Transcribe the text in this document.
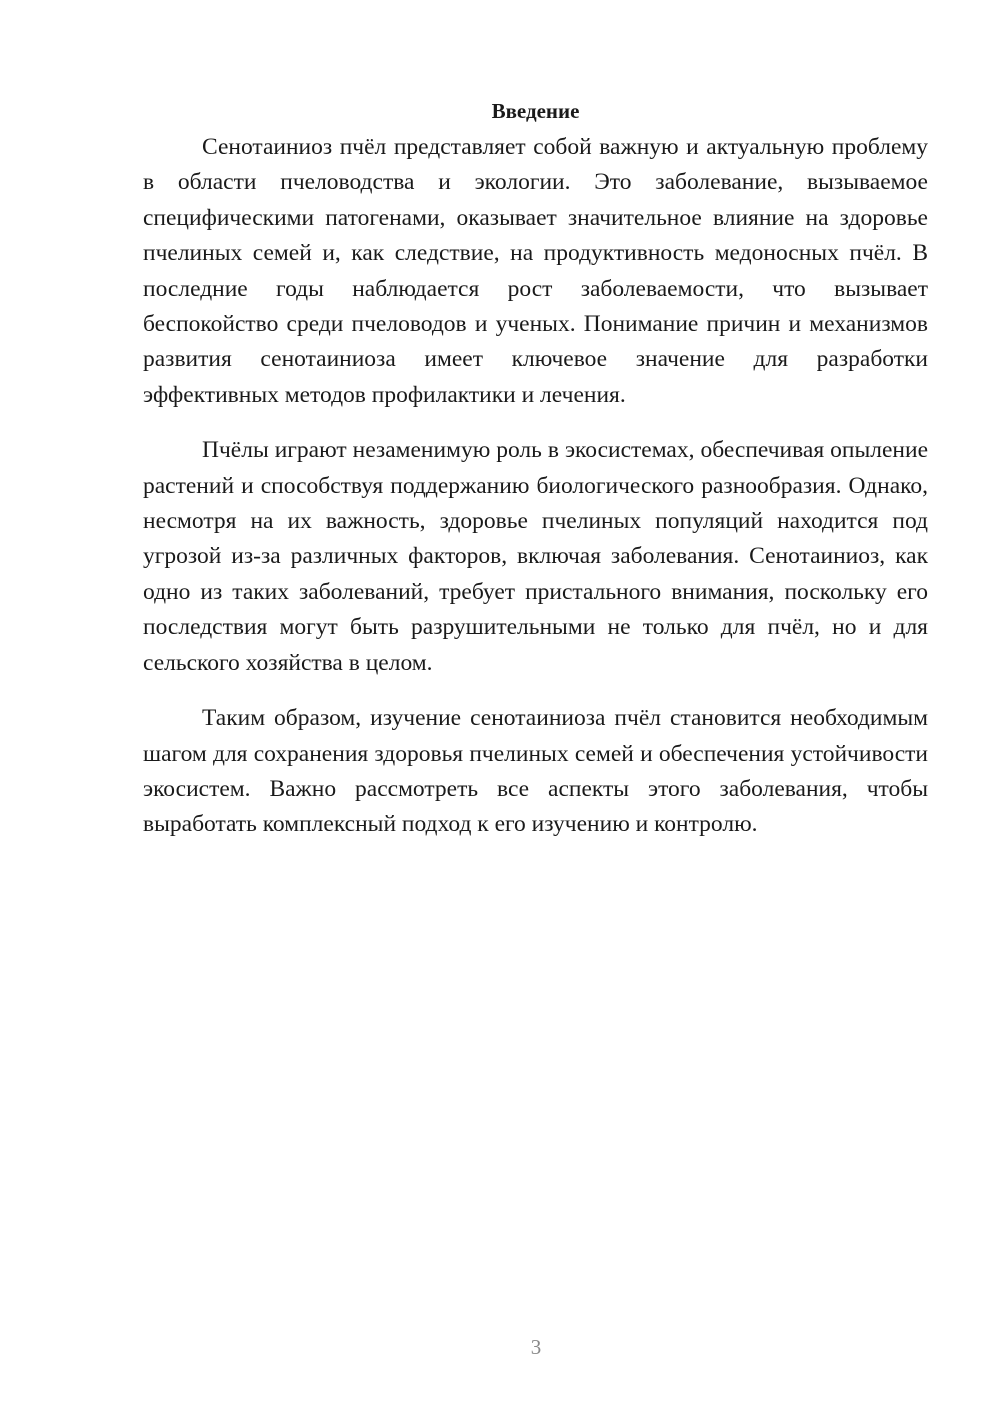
Введение

Сенотаиниоз пчёл представляет собой важную и актуальную проблему в области пчеловодства и экологии. Это заболевание, вызываемое специфическими патогенами, оказывает значительное влияние на здоровье пчелиных семей и, как следствие, на продуктивность медоносных пчёл. В последние годы наблюдается рост заболеваемости, что вызывает беспокойство среди пчеловодов и ученых. Понимание причин и механизмов развития сенотаиниоза имеет ключевое значение для разработки эффективных методов профилактики и лечения.

Пчёлы играют незаменимую роль в экосистемах, обеспечивая опыление растений и способствуя поддержанию биологического разнообразия. Однако, несмотря на их важность, здоровье пчелиных популяций находится под угрозой из-за различных факторов, включая заболевания. Сенотаиниоз, как одно из таких заболеваний, требует пристального внимания, поскольку его последствия могут быть разрушительными не только для пчёл, но и для сельского хозяйства в целом.

Таким образом, изучение сенотаиниоза пчёл становится необходимым шагом для сохранения здоровья пчелиных семей и обеспечения устойчивости экосистем. Важно рассмотреть все аспекты этого заболевания, чтобы выработать комплексный подход к его изучению и контролю.

3
